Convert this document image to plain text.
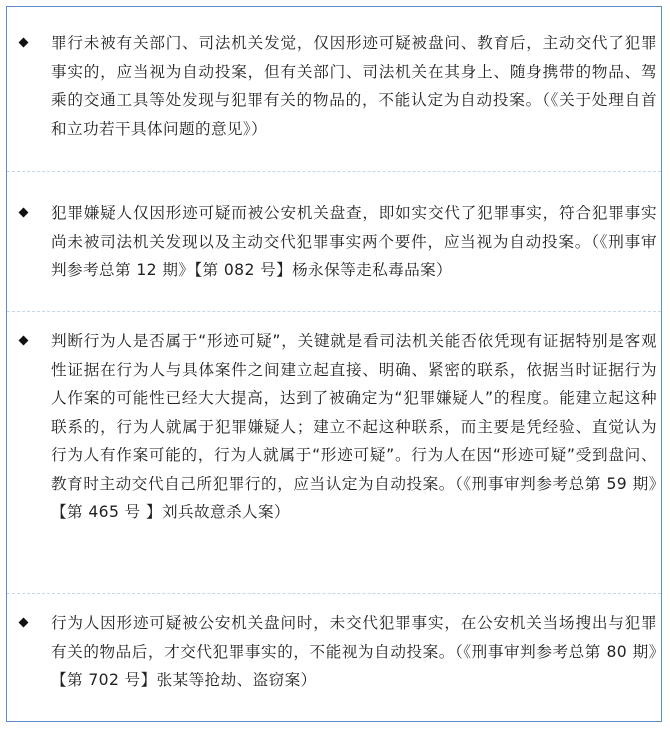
罪行未被有关部门、司法机关发觉，仅因形迹可疑被盘问、教育后，主动交代了犯罪事实的，应当视为自动投案，但有关部门、司法机关在其身上、随身携带的物品、驾乘的交通工具等处发现与犯罪有关的物品的，不能认定为自动投案。（《关于处理自首和立功若干具体问题的意见》）
犯罪嫌疑人仅因形迹可疑而被公安机关盘查，即如实交代了犯罪事实，符合犯罪事实尚未被司法机关发现以及主动交代犯罪事实两个要件，应当视为自动投案。（《刑事审判参考总第 12 期》【第 082 号】杨永保等走私毒品案）
判断行为人是否属于“形迹可疑”，关键就是看司法机关能否依凭现有证据特别是客观性证据在行为人与具体案件之间建立起直接、明确、紧密的联系，依据当时证据行为人作案的可能性已经大大提高，达到了被确定为“犯罪嫌疑人”的程度。能建立起这种联系的，行为人就属于犯罪嫌疑人；建立不起这种联系，而主要是凭经验、直觉认为行为人有作案可能的，行为人就属于“形迹可疑”。行为人在因“形迹可疑”受到盘问、教育时主动交代自己所犯罪行的，应当认定为自动投案。（《刑事审判参考总第 59 期》【第 465 号 】刘兵故意杀人案）
行为人因形迹可疑被公安机关盘问时，未交代犯罪事实，在公安机关当场搜出与犯罪有关的物品后，才交代犯罪事实的，不能视为自动投案。（《刑事审判参考总第 80 期》【第 702 号】张某等抢劫、盗窃案）
